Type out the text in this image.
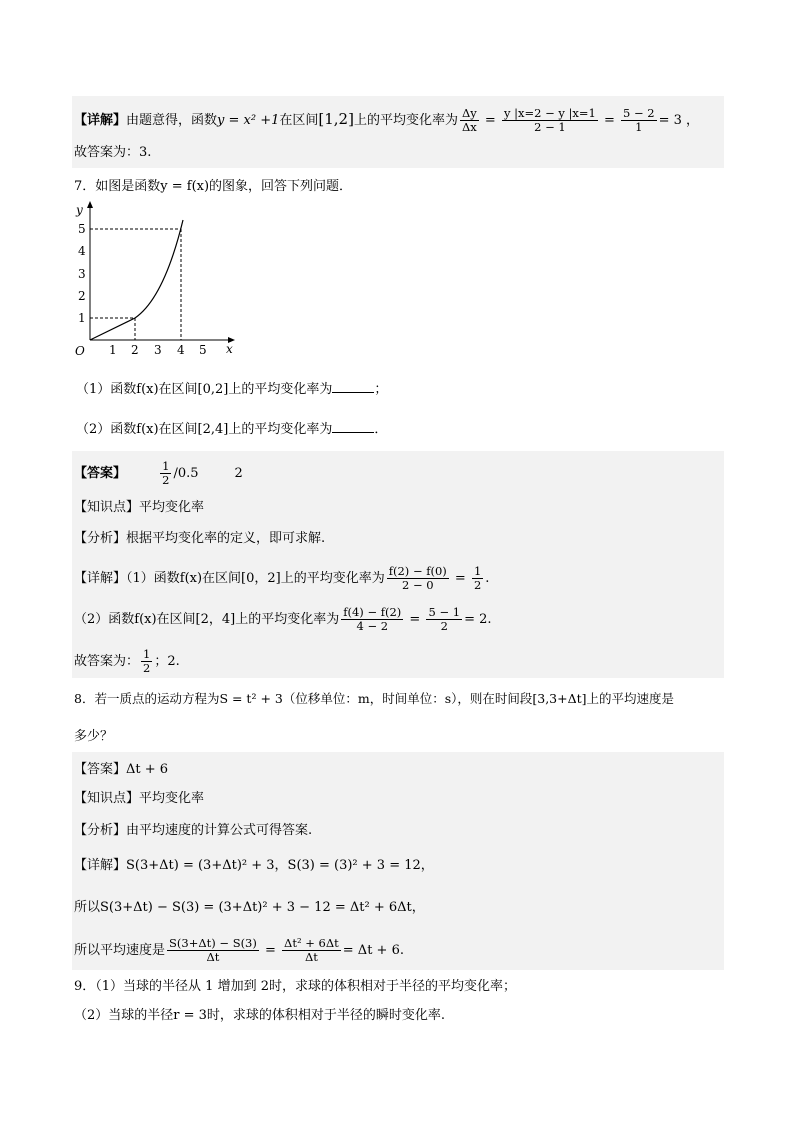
【详解】由题意得，函数y = x² +1在区间[1,2]上的平均变化率为 $\frac{\Delta y}{\Delta x} = \frac{y |x=2 - y |x=1}{2 - 1} = \frac{5 - 2}{1} = 3$ ，
故答案为：3.
7．如图是函数y = f(x)的图象，回答下列问题．
y
x
O 1 2 3 4 5
1
2
3
4
5
（1）函数f(x)在区间[0,2]上的平均变化率为	；
（2）函数f(x)在区间[2,4]上的平均变化率为	．
【答案】	$\frac{1}{2} /0.5$	2
【知识点】平均变化率
【分析】根据平均变化率的定义，即可求解.
【详解】（1）函数f(x)在区间[0，2]上的平均变化率为 $\frac{f(2) - f(0)}{2 - 0} = \frac{1}{2}$ .
（2）函数f(x)在区间[2，4]上的平均变化率为 $\frac{f(4) - f(2)}{4 - 2} = \frac{5 - 1}{2} = 2$.
故答案为： $\frac{1}{2}$ ；2.
8．若一质点的运动方程为S = t² + 3（位移单位：m，时间单位：s），则在时间段[3,3+Δt]上的平均速度是
多少？
【答案】Δt + 6
【知识点】平均变化率
【分析】由平均速度的计算公式可得答案.
【详解】S(3+Δt) = (3+Δt)² + 3，S(3) = (3)² + 3 = 12，
所以S(3+Δt) − S(3) = (3+Δt)² + 3 − 12 = Δt² + 6Δt，
所以平均速度是 $\frac{S(3+\Delta t) - S(3)}{\Delta t} = \frac{\text{Δt² + 6Δt}}{\Delta t} = \Delta t + 6$.
9．（1）当球的半径从 1 增加到 2时，求球的体积相对于半径的平均变化率；
（2）当球的半径r = 3时，求球的体积相对于半径的瞬时变化率.
